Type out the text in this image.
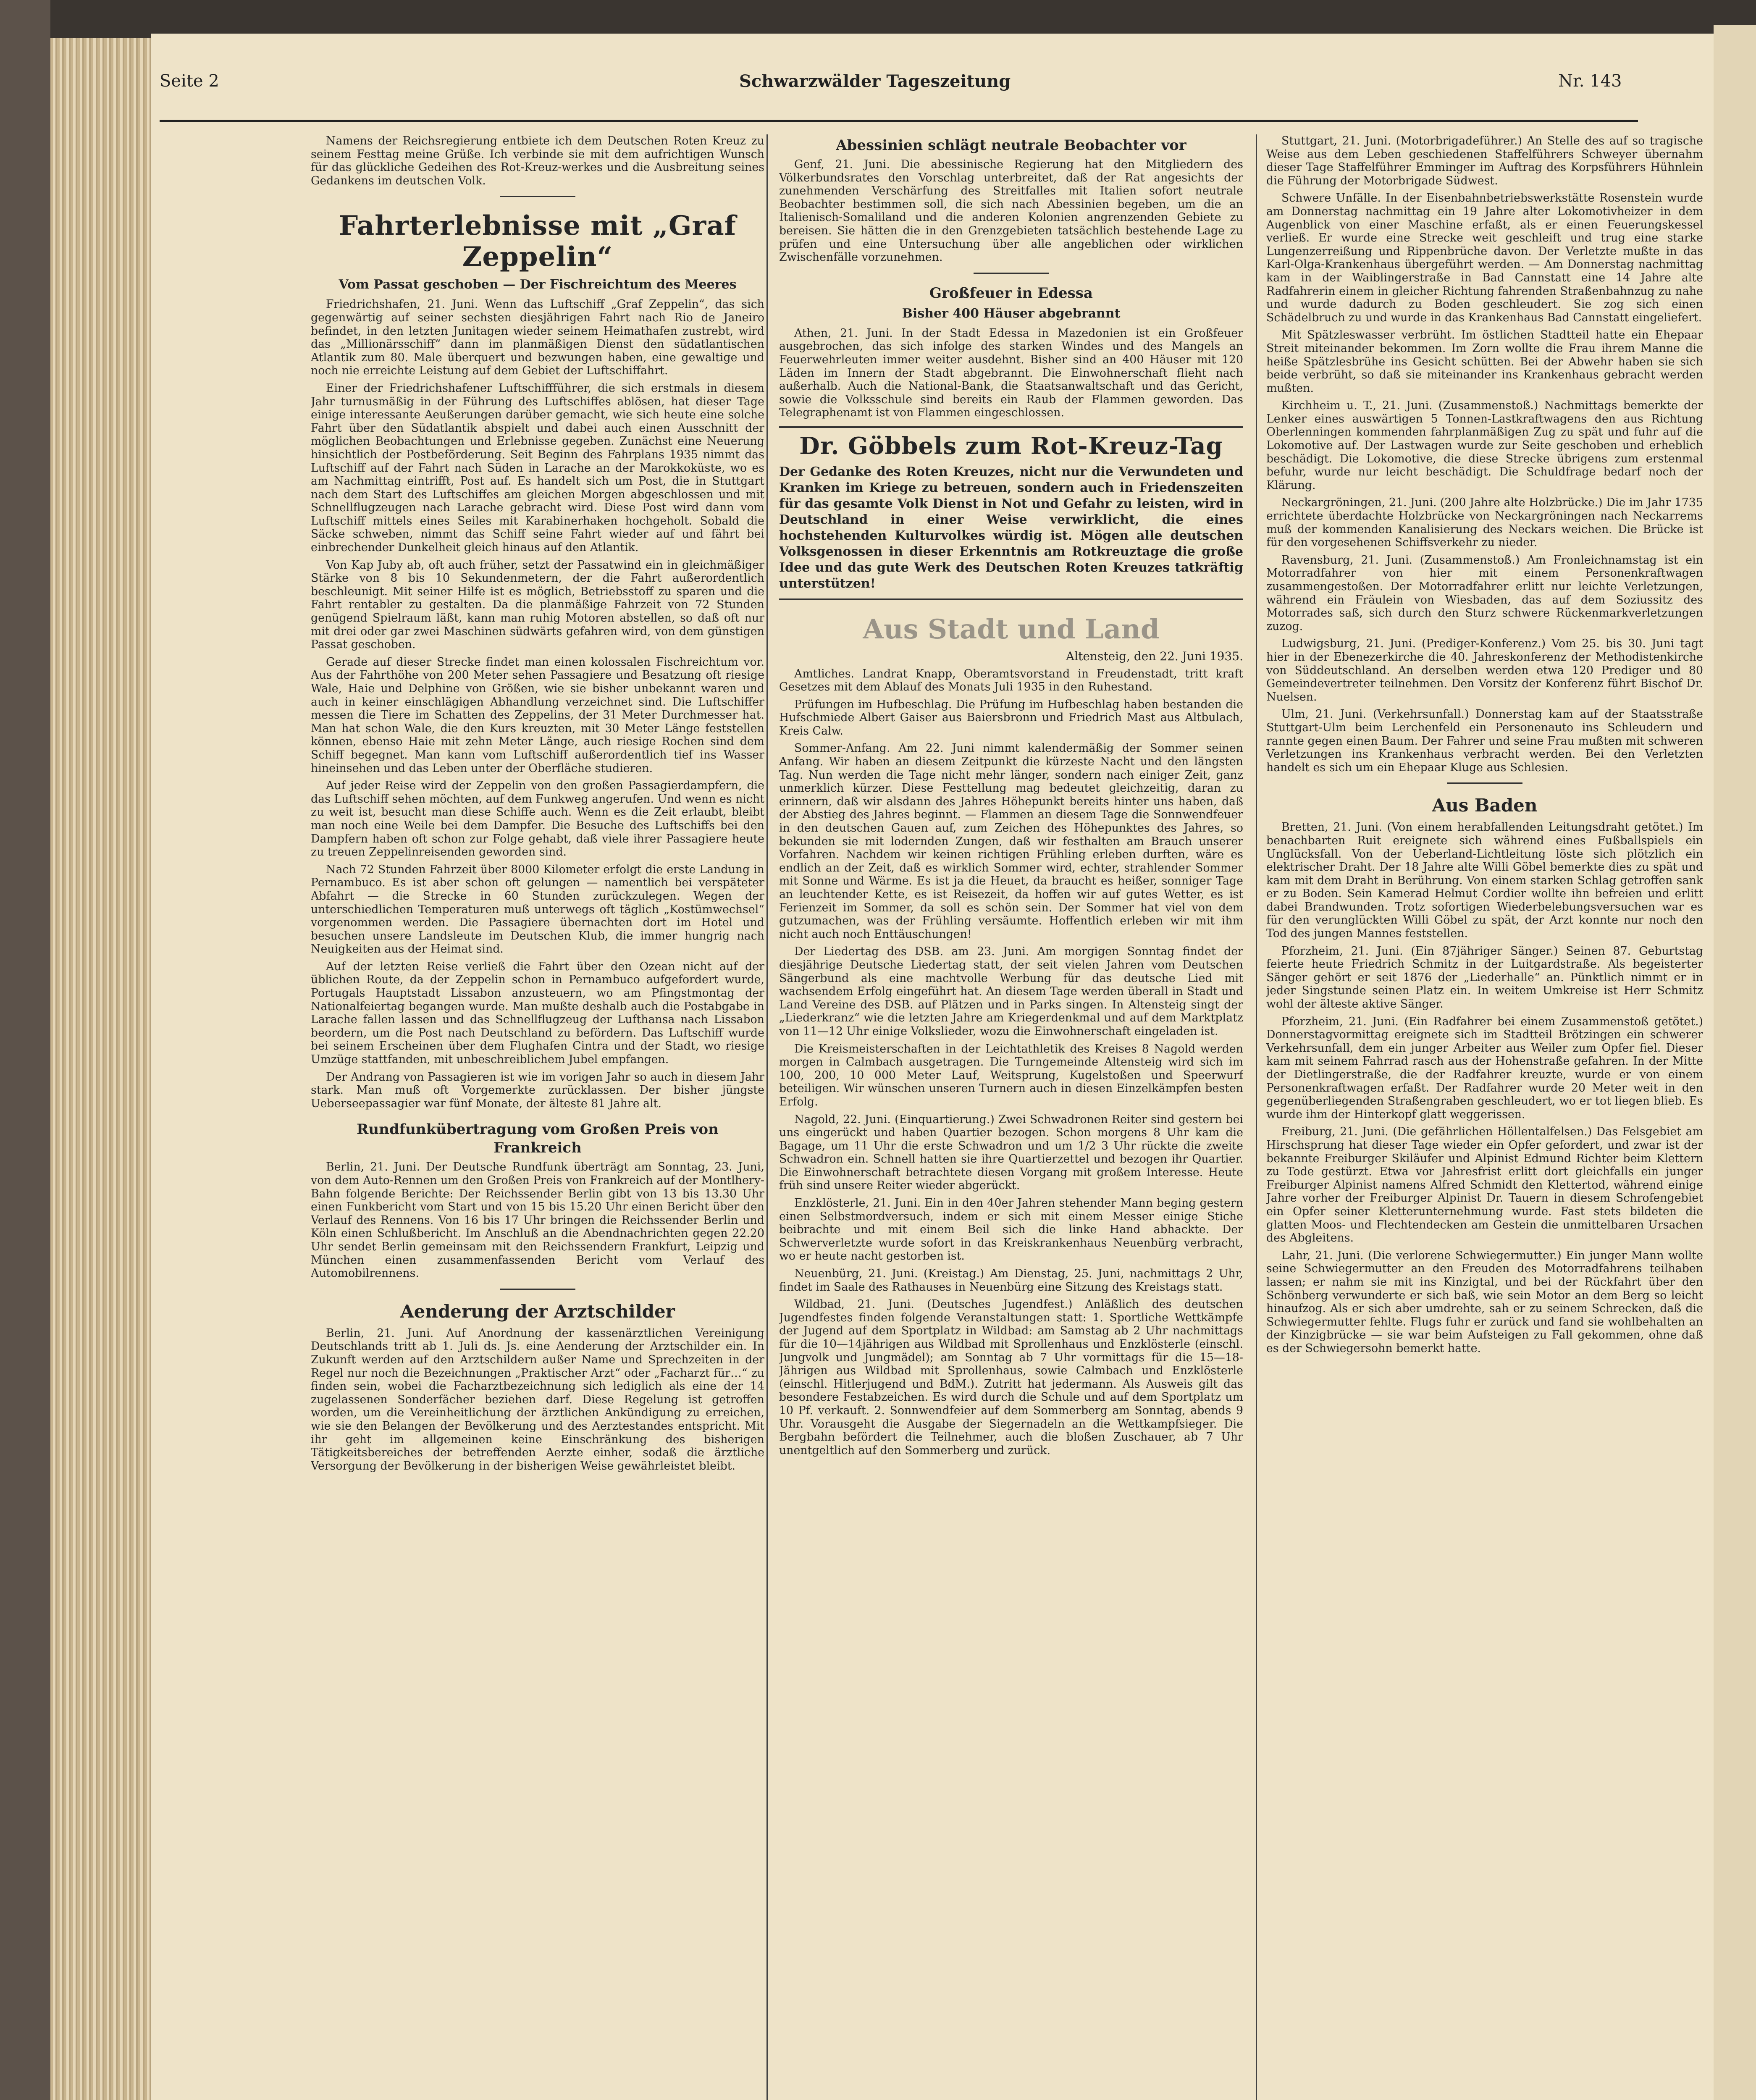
Seite 2	Schwarzwälder Tageszeitung	Nr. 143

Namens der Reichsregierung entbiete ich dem Deutschen Roten Kreuz zu seinem Festtag meine Grüße. Ich verbinde sie mit dem aufrichtigen Wunsch für das glückliche Gedeihen des Rot-Kreuz-werkes und die Ausbreitung seines Gedankens im deutschen Volk.

Fahrterlebnisse mit „Graf Zeppelin“
Vom Passat geschoben — Der Fischreichtum des Meeres

Friedrichshafen, 21. Juni. Wenn das Luftschiff „Graf Zeppelin“, das sich gegenwärtig auf seiner sechsten diesjährigen Fahrt nach Rio de Janeiro befindet, in den letzten Junitagen wieder seinem Heimathafen zustrebt, wird das „Millionärsschiff“ dann im planmäßigen Dienst den südatlantischen Atlantik zum 80. Male überquert und bezwungen haben, eine gewaltige und noch nie erreichte Leistung auf dem Gebiet der Luftschiffahrt.

Einer der Friedrichshafener Luftschiffführer, die sich erstmals in diesem Jahr turnusmäßig in der Führung des Luftschiffes ablösen, hat dieser Tage einige interessante Aeußerungen darüber gemacht, wie sich heute eine solche Fahrt über den Südatlantik abspielt und dabei auch einen Ausschnitt der möglichen Beobachtungen und Erlebnisse gegeben. Zunächst eine Neuerung hinsichtlich der Postbeförderung. Seit Beginn des Fahrplans 1935 nimmt das Luftschiff auf der Fahrt nach Süden in Larache an der Marokkoküste, wo es am Nachmittag eintrifft, Post auf. Es handelt sich um Post, die in Stuttgart nach dem Start des Luftschiffes am gleichen Morgen abgeschlossen und mit Schnellflugzeugen nach Larache gebracht wird. Diese Post wird dann vom Luftschiff mittels eines Seiles mit Karabinerhaken hochgeholt. Sobald die Säcke schweben, nimmt das Schiff seine Fahrt wieder auf und fährt bei einbrechender Dunkelheit gleich hinaus auf den Atlantik.

Von Kap Juby ab, oft auch früher, setzt der Passatwind ein in gleichmäßiger Stärke von 8 bis 10 Sekundenmetern, der die Fahrt außerordentlich beschleunigt. Mit seiner Hilfe ist es möglich, Betriebsstoff zu sparen und die Fahrt rentabler zu gestalten. Da die planmäßige Fahrzeit von 72 Stunden genügend Spielraum läßt, kann man ruhig Motoren abstellen, so daß oft nur mit drei oder gar zwei Maschinen südwärts gefahren wird, von dem günstigen Passat geschoben.

Gerade auf dieser Strecke findet man einen kolossalen Fischreichtum vor. Aus der Fahrthöhe von 200 Meter sehen Passagiere und Besatzung oft riesige Wale, Haie und Delphine von Größen, wie sie bisher unbekannt waren und auch in keiner einschlägigen Abhandlung verzeichnet sind. Die Luftschiffer messen die Tiere im Schatten des Zeppelins, der 31 Meter Durchmesser hat. Man hat schon Wale, die den Kurs kreuzten, mit 30 Meter Länge feststellen können, ebenso Haie mit zehn Meter Länge, auch riesige Rochen sind dem Schiff begegnet. Man kann vom Luftschiff außerordentlich tief ins Wasser hineinsehen und das Leben unter der Oberfläche studieren.

Auf jeder Reise wird der Zeppelin von den großen Passagierdampfern, die das Luftschiff sehen möchten, auf dem Funkweg angerufen. Und wenn es nicht zu weit ist, besucht man diese Schiffe auch. Wenn es die Zeit erlaubt, bleibt man noch eine Weile bei dem Dampfer. Die Besuche des Luftschiffs bei den Dampfern haben oft schon zur Folge gehabt, daß viele ihrer Passagiere heute zu treuen Zeppelinreisenden geworden sind.

Nach 72 Stunden Fahrzeit über 8000 Kilometer erfolgt die erste Landung in Pernambuco. Es ist aber schon oft gelungen — namentlich bei verspäteter Abfahrt — die Strecke in 60 Stunden zurückzulegen. Wegen der unterschiedlichen Temperaturen muß unterwegs oft täglich „Kostümwechsel“ vorgenommen werden. Die Passagiere übernachten dort im Hotel und besuchen unsere Landsleute im Deutschen Klub, die immer hungrig nach Neuigkeiten aus der Heimat sind.

Auf der letzten Reise verließ die Fahrt über den Ozean nicht auf der üblichen Route, da der Zeppelin schon in Pernambuco aufgefordert wurde, Portugals Hauptstadt Lissabon anzusteuern, wo am Pfingstmontag der Nationalfeiertag begangen wurde. Man mußte deshalb auch die Postabgabe in Larache fallen lassen und das Schnellflugzeug der Lufthansa nach Lissabon beordern, um die Post nach Deutschland zu befördern. Das Luftschiff wurde bei seinem Erscheinen über dem Flughafen Cintra und der Stadt, wo riesige Umzüge stattfanden, mit unbeschreiblichem Jubel empfangen.

Der Andrang von Passagieren ist wie im vorigen Jahr so auch in diesem Jahr stark. Man muß oft Vorgemerkte zurücklassen. Der bisher jüngste Ueberseepassagier war fünf Monate, der älteste 81 Jahre alt.

Rundfunkübertragung vom Großen Preis von Frankreich

Berlin, 21. Juni. Der Deutsche Rundfunk überträgt am Sonntag, 23. Juni, von dem Auto-Rennen um den Großen Preis von Frankreich auf der Montlhery-Bahn folgende Berichte: Der Reichssender Berlin gibt von 13 bis 13.30 Uhr einen Funkbericht vom Start und von 15 bis 15.20 Uhr einen Bericht über den Verlauf des Rennens. Von 16 bis 17 Uhr bringen die Reichssender Berlin und Köln einen Schlußbericht. Im Anschluß an die Abendnachrichten gegen 22.20 Uhr sendet Berlin gemeinsam mit den Reichssendern Frankfurt, Leipzig und München einen zusammenfassenden Bericht vom Verlauf des Automobilrennens.

Aenderung der Arztschilder

Berlin, 21. Juni. Auf Anordnung der kassenärztlichen Vereinigung Deutschlands tritt ab 1. Juli ds. Js. eine Aenderung der Arztschilder ein. In Zukunft werden auf den Arztschildern außer Name und Sprechzeiten in der Regel nur noch die Bezeichnungen „Praktischer Arzt“ oder „Facharzt für…“ zu finden sein, wobei die Facharztbezeichnung sich lediglich als eine der 14 zugelassenen Sonderfächer beziehen darf. Diese Regelung ist getroffen worden, um die Vereinheitlichung der ärztlichen Ankündigung zu erreichen, wie sie den Belangen der Bevölkerung und des Aerztestandes entspricht. Mit ihr geht im allgemeinen keine Einschränkung des bisherigen Tätigkeitsbereiches der betreffenden Aerzte einher, sodaß die ärztliche Versorgung der Bevölkerung in der bisherigen Weise gewährleistet bleibt.

Abessinien schlägt neutrale Beobachter vor

Genf, 21. Juni. Die abessinische Regierung hat den Mitgliedern des Völkerbundsrates den Vorschlag unterbreitet, daß der Rat angesichts der zunehmenden Verschärfung des Streitfalles mit Italien sofort neutrale Beobachter bestimmen soll, die sich nach Abessinien begeben, um die an Italienisch-Somaliland und die anderen Kolonien angrenzenden Gebiete zu bereisen. Sie hätten die in den Grenzgebieten tatsächlich bestehende Lage zu prüfen und eine Untersuchung über alle angeblichen oder wirklichen Zwischenfälle vorzunehmen.

Großfeuer in Edessa
Bisher 400 Häuser abgebrannt

Athen, 21. Juni. In der Stadt Edessa in Mazedonien ist ein Großfeuer ausgebrochen, das sich infolge des starken Windes und des Mangels an Feuerwehrleuten immer weiter ausdehnt. Bisher sind an 400 Häuser mit 120 Läden im Innern der Stadt abgebrannt. Die Einwohnerschaft flieht nach außerhalb. Auch die National-Bank, die Staatsanwaltschaft und das Gericht, sowie die Volksschule sind bereits ein Raub der Flammen geworden. Das Telegraphenamt ist von Flammen eingeschlossen.

Dr. Göbbels zum Rot-Kreuz-Tag

Der Gedanke des Roten Kreuzes, nicht nur die Verwundeten und Kranken im Kriege zu betreuen, sondern auch in Friedenszeiten für das gesamte Volk Dienst in Not und Gefahr zu leisten, wird in Deutschland in einer Weise verwirklicht, die eines hochstehenden Kulturvolkes würdig ist. Mögen alle deutschen Volksgenossen in dieser Erkenntnis am Rotkreuztage die große Idee und das gute Werk des Deutschen Roten Kreuzes tatkräftig unterstützen!

Aus Stadt und Land
Altensteig, den 22. Juni 1935.

Amtliches. Landrat Knapp, Oberamtsvorstand in Freudenstadt, tritt kraft Gesetzes mit dem Ablauf des Monats Juli 1935 in den Ruhestand.

Prüfungen im Hufbeschlag. Die Prüfung im Hufbeschlag haben bestanden die Hufschmiede Albert Gaiser aus Baiersbronn und Friedrich Mast aus Altbulach, Kreis Calw.

Sommer-Anfang. Am 22. Juni nimmt kalendermäßig der Sommer seinen Anfang. Wir haben an diesem Zeitpunkt die kürzeste Nacht und den längsten Tag. Nun werden die Tage nicht mehr länger, sondern nach einiger Zeit, ganz unmerklich kürzer. Diese Festtellung mag bedeutet gleichzeitig, daran zu erinnern, daß wir alsdann des Jahres Höhepunkt bereits hinter uns haben, daß der Abstieg des Jahres beginnt. — Flammen an diesem Tage die Sonnwendfeuer in den deutschen Gauen auf, zum Zeichen des Höhepunktes des Jahres, so bekunden sie mit lodernden Zungen, daß wir festhalten am Brauch unserer Vorfahren. Nachdem wir keinen richtigen Frühling erleben durften, wäre es endlich an der Zeit, daß es wirklich Sommer wird, echter, strahlender Sommer mit Sonne und Wärme. Es ist ja die Heuet, da braucht es heißer, sonniger Tage an leuchtender Kette, es ist Reisezeit, da hoffen wir auf gutes Wetter, es ist Ferienzeit im Sommer, da soll es schön sein. Der Sommer hat viel von dem gutzumachen, was der Frühling versäumte. Hoffentlich erleben wir mit ihm nicht auch noch Enttäuschungen!

Der Liedertag des DSB. am 23. Juni. Am morgigen Sonntag findet der diesjährige Deutsche Liedertag statt, der seit vielen Jahren vom Deutschen Sängerbund als eine machtvolle Werbung für das deutsche Lied mit wachsendem Erfolg eingeführt hat. An diesem Tage werden überall in Stadt und Land Vereine des DSB. auf Plätzen und in Parks singen. In Altensteig singt der „Liederkranz“ wie die letzten Jahre am Kriegerdenkmal und auf dem Marktplatz von 11—12 Uhr einige Volkslieder, wozu die Einwohnerschaft eingeladen ist.

Die Kreismeisterschaften in der Leichtathletik des Kreises 8 Nagold werden morgen in Calmbach ausgetragen. Die Turngemeinde Altensteig wird sich im 100, 200, 10 000 Meter Lauf, Weitsprung, Kugelstoßen und Speerwurf beteiligen. Wir wünschen unseren Turnern auch in diesen Einzelkämpfen besten Erfolg.

Nagold, 22. Juni. (Einquartierung.) Zwei Schwadronen Reiter sind gestern bei uns eingerückt und haben Quartier bezogen. Schon morgens 8 Uhr kam die Bagage, um 11 Uhr die erste Schwadron und um 1/2 3 Uhr rückte die zweite Schwadron ein. Schnell hatten sie ihre Quartierzettel und bezogen ihr Quartier. Die Einwohnerschaft betrachtete diesen Vorgang mit großem Interesse. Heute früh sind unsere Reiter wieder abgerückt.

Enzklösterle, 21. Juni. Ein in den 40er Jahren stehender Mann beging gestern einen Selbstmordversuch, indem er sich mit einem Messer einige Stiche beibrachte und mit einem Beil sich die linke Hand abhackte. Der Schwerverletzte wurde sofort in das Kreiskrankenhaus Neuenbürg verbracht, wo er heute nacht gestorben ist.

Neuenbürg, 21. Juni. (Kreistag.) Am Dienstag, 25. Juni, nachmittags 2 Uhr, findet im Saale des Rathauses in Neuenbürg eine Sitzung des Kreistags statt.

Wildbad, 21. Juni. (Deutsches Jugendfest.) Anläßlich des deutschen Jugendfestes finden folgende Veranstaltungen statt: 1. Sportliche Wettkämpfe der Jugend auf dem Sportplatz in Wildbad: am Samstag ab 2 Uhr nachmittags für die 10—14jährigen aus Wildbad mit Sprollenhaus und Enzklösterle (einschl. Jungvolk und Jungmädel); am Sonntag ab 7 Uhr vormittags für die 15—18-Jährigen aus Wildbad mit Sprollenhaus, sowie Calmbach und Enzklösterle (einschl. Hitlerjugend und BdM.). Zutritt hat jedermann. Als Ausweis gilt das besondere Festabzeichen. Es wird durch die Schule und auf dem Sportplatz um 10 Pf. verkauft. 2. Sonnwendfeier auf dem Sommerberg am Sonntag, abends 9 Uhr. Vorausgeht die Ausgabe der Siegernadeln an die Wettkampfsieger. Die Bergbahn befördert die Teilnehmer, auch die bloßen Zuschauer, ab 7 Uhr unentgeltlich auf den Sommerberg und zurück.

Stuttgart, 21. Juni. (Motorbrigadeführer.) An Stelle des auf so tragische Weise aus dem Leben geschiedenen Staffelführers Schweyer übernahm dieser Tage Staffelführer Emminger im Auftrag des Korpsführers Hühnlein die Führung der Motorbrigade Südwest.

Schwere Unfälle. In der Eisenbahnbetriebswerkstätte Rosenstein wurde am Donnerstag nachmittag ein 19 Jahre alter Lokomotivheizer in dem Augenblick von einer Maschine erfaßt, als er einen Feuerungskessel verließ. Er wurde eine Strecke weit geschleift und trug eine starke Lungenzerreißung und Rippenbrüche davon. Der Verletzte mußte in das Karl-Olga-Krankenhaus übergeführt werden. — Am Donnerstag nachmittag kam in der Waiblingerstraße in Bad Cannstatt eine 14 Jahre alte Radfahrerin einem in gleicher Richtung fahrenden Straßenbahnzug zu nahe und wurde dadurch zu Boden geschleudert. Sie zog sich einen Schädelbruch zu und wurde in das Krankenhaus Bad Cannstatt eingeliefert.

Mit Spätzleswasser verbrüht. Im östlichen Stadtteil hatte ein Ehepaar Streit miteinander bekommen. Im Zorn wollte die Frau ihrem Manne die heiße Spätzlesbrühe ins Gesicht schütten. Bei der Abwehr haben sie sich beide verbrüht, so daß sie miteinander ins Krankenhaus gebracht werden mußten.

Kirchheim u. T., 21. Juni. (Zusammenstoß.) Nachmittags bemerkte der Lenker eines auswärtigen 5 Tonnen-Lastkraftwagens den aus Richtung Oberlenningen kommenden fahrplanmäßigen Zug zu spät und fuhr auf die Lokomotive auf. Der Lastwagen wurde zur Seite geschoben und erheblich beschädigt. Die Lokomotive, die diese Strecke übrigens zum erstenmal befuhr, wurde nur leicht beschädigt. Die Schuldfrage bedarf noch der Klärung.

Neckargröningen, 21. Juni. (200 Jahre alte Holzbrücke.) Die im Jahr 1735 errichtete überdachte Holzbrücke von Neckargröningen nach Neckarrems muß der kommenden Kanalisierung des Neckars weichen. Die Brücke ist für den vorgesehenen Schiffsverkehr zu nieder.

Ravensburg, 21. Juni. (Zusammenstoß.) Am Fronleichnamstag ist ein Motorradfahrer von hier mit einem Personenkraftwagen zusammengestoßen. Der Motorradfahrer erlitt nur leichte Verletzungen, während ein Fräulein von Wiesbaden, das auf dem Soziussitz des Motorrades saß, sich durch den Sturz schwere Rückenmarkverletzungen zuzog.

Ludwigsburg, 21. Juni. (Prediger-Konferenz.) Vom 25. bis 30. Juni tagt hier in der Ebenezerkirche die 40. Jahreskonferenz der Methodistenkirche von Süddeutschland. An derselben werden etwa 120 Prediger und 80 Gemeindevertreter teilnehmen. Den Vorsitz der Konferenz führt Bischof Dr. Nuelsen.

Ulm, 21. Juni. (Verkehrsunfall.) Donnerstag kam auf der Staatsstraße Stuttgart-Ulm beim Lerchenfeld ein Personenauto ins Schleudern und rannte gegen einen Baum. Der Fahrer und seine Frau mußten mit schweren Verletzungen ins Krankenhaus verbracht werden. Bei den Verletzten handelt es sich um ein Ehepaar Kluge aus Schlesien.

Aus Baden

Bretten, 21. Juni. (Von einem herabfallenden Leitungsdraht getötet.) Im benachbarten Ruit ereignete sich während eines Fußballspiels ein Unglücksfall. Von der Ueberland-Lichtleitung löste sich plötzlich ein elektrischer Draht. Der 18 Jahre alte Willi Göbel bemerkte dies zu spät und kam mit dem Draht in Berührung. Von einem starken Schlag getroffen sank er zu Boden. Sein Kamerad Helmut Cordier wollte ihn befreien und erlitt dabei Brandwunden. Trotz sofortigen Wiederbelebungsversuchen war es für den verunglückten Willi Göbel zu spät, der Arzt konnte nur noch den Tod des jungen Mannes feststellen.

Pforzheim, 21. Juni. (Ein 87jähriger Sänger.) Seinen 87. Geburtstag feierte heute Friedrich Schmitz in der Luitgardstraße. Als begeisterter Sänger gehört er seit 1876 der „Liederhalle“ an. Pünktlich nimmt er in jeder Singstunde seinen Platz ein. In weitem Umkreise ist Herr Schmitz wohl der älteste aktive Sänger.

Pforzheim, 21. Juni. (Ein Radfahrer bei einem Zusammenstoß getötet.) Donnerstagvormittag ereignete sich im Stadtteil Brötzingen ein schwerer Verkehrsunfall, dem ein junger Arbeiter aus Weiler zum Opfer fiel. Dieser kam mit seinem Fahrrad rasch aus der Hohenstraße gefahren. In der Mitte der Dietlingerstraße, die der Radfahrer kreuzte, wurde er von einem Personenkraftwagen erfaßt. Der Radfahrer wurde 20 Meter weit in den gegenüberliegenden Straßengraben geschleudert, wo er tot liegen blieb. Es wurde ihm der Hinterkopf glatt weggerissen.

Freiburg, 21. Juni. (Die gefährlichen Höllentalfelsen.) Das Felsgebiet am Hirschsprung hat dieser Tage wieder ein Opfer gefordert, und zwar ist der bekannte Freiburger Skiläufer und Alpinist Edmund Richter beim Klettern zu Tode gestürzt. Etwa vor Jahresfrist erlitt dort gleichfalls ein junger Freiburger Alpinist namens Alfred Schmidt den Klettertod, während einige Jahre vorher der Freiburger Alpinist Dr. Tauern in diesem Schrofengebiet ein Opfer seiner Kletterunternehmung wurde. Fast stets bildeten die glatten Moos- und Flechtendecken am Gestein die unmittelbaren Ursachen des Abgleitens.

Lahr, 21. Juni. (Die verlorene Schwiegermutter.) Ein junger Mann wollte seine Schwiegermutter an den Freuden des Motorradfahrens teilhaben lassen; er nahm sie mit ins Kinzigtal, und bei der Rückfahrt über den Schönberg verwunderte er sich baß, wie sein Motor an dem Berg so leicht hinaufzog. Als er sich aber umdrehte, sah er zu seinem Schrecken, daß die Schwiegermutter fehlte. Flugs fuhr er zurück und fand sie wohlbehalten an der Kinzigbrücke — sie war beim Aufsteigen zu Fall gekommen, ohne daß es der Schwiegersohn bemerkt hatte.
